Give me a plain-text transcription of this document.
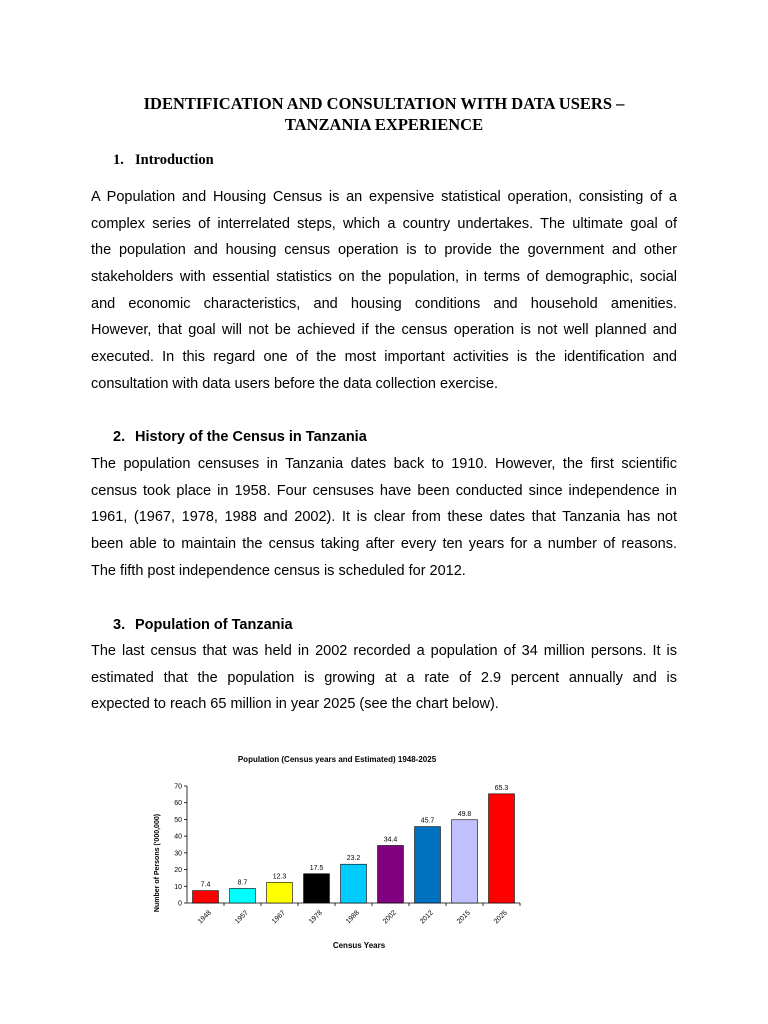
IDENTIFICATION AND CONSULTATION WITH DATA USERS –
TANZANIA EXPERIENCE
1. Introduction
A Population and Housing Census is an expensive statistical operation, consisting of a
complex series of interrelated steps, which a country undertakes. The ultimate goal of
the population and housing census operation is to provide the government and other
stakeholders with essential statistics on the population, in terms of demographic, social
and economic characteristics, and housing conditions and household amenities.
However, that goal will not be achieved if the census operation is not well planned and
executed. In this regard one of the most important activities is the identification and
consultation with data users before the data collection exercise.
2. History of the Census in Tanzania
The population censuses in Tanzania dates back to 1910. However, the first scientific
census took place in 1958. Four censuses have been conducted since independence in
1961, (1967, 1978, 1988 and 2002). It is clear from these dates that Tanzania has not
been able to maintain the census taking after every ten years for a number of reasons.
The fifth post independence census is scheduled for 2012.
3. Population of Tanzania
The last census that was held in 2002 recorded a population of 34 million persons. It is
estimated that the population is growing at a rate of 2.9 percent annually and is
expected to reach 65 million in year 2025 (see the chart below).
Population (Census years and Estimated) 1948-2025
Number of Persons ('000,000)
Census Years
0
10
20
30
40
50
60
70
7.4
1948
8.7
1957
12.3
1967
17.5
1978
23.2
1988
34.4
2002
45.7
2012
49.8
2015
65.3
2025
